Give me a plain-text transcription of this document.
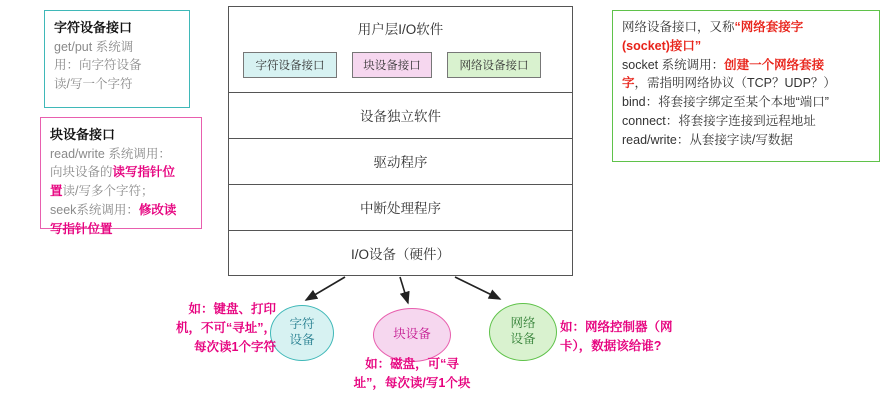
用户层I/O软件
字符设备接口	块设备接口	网络设备接口
设备独立软件
驱动程序
中断处理程序
I/O设备（硬件）
字符设备接口
get/put 系统调
用：向字符设备
读/写一个字符
块设备接口
read/write 系统调用：
向块设备的读写指针位
置读/写多个字符；
seek系统调用：修改读
写指针位置
网络设备接口，又称“网络套接字
(socket)接口”
socket 系统调用：创建一个网络套接
字，需指明网络协议（TCP？UDP？）
bind：将套接字绑定至某个本地“端口”
connect：将套接字连接到远程地址
read/write：从套接字读/写数据
字符
设备	块设备
网络
设备
如：键盘、打印
机，不可“寻址”，
每次读1个字符
如：磁盘，可“寻
址”，每次读/写1个块
如：网络控制器（网
卡），数据该给谁?
